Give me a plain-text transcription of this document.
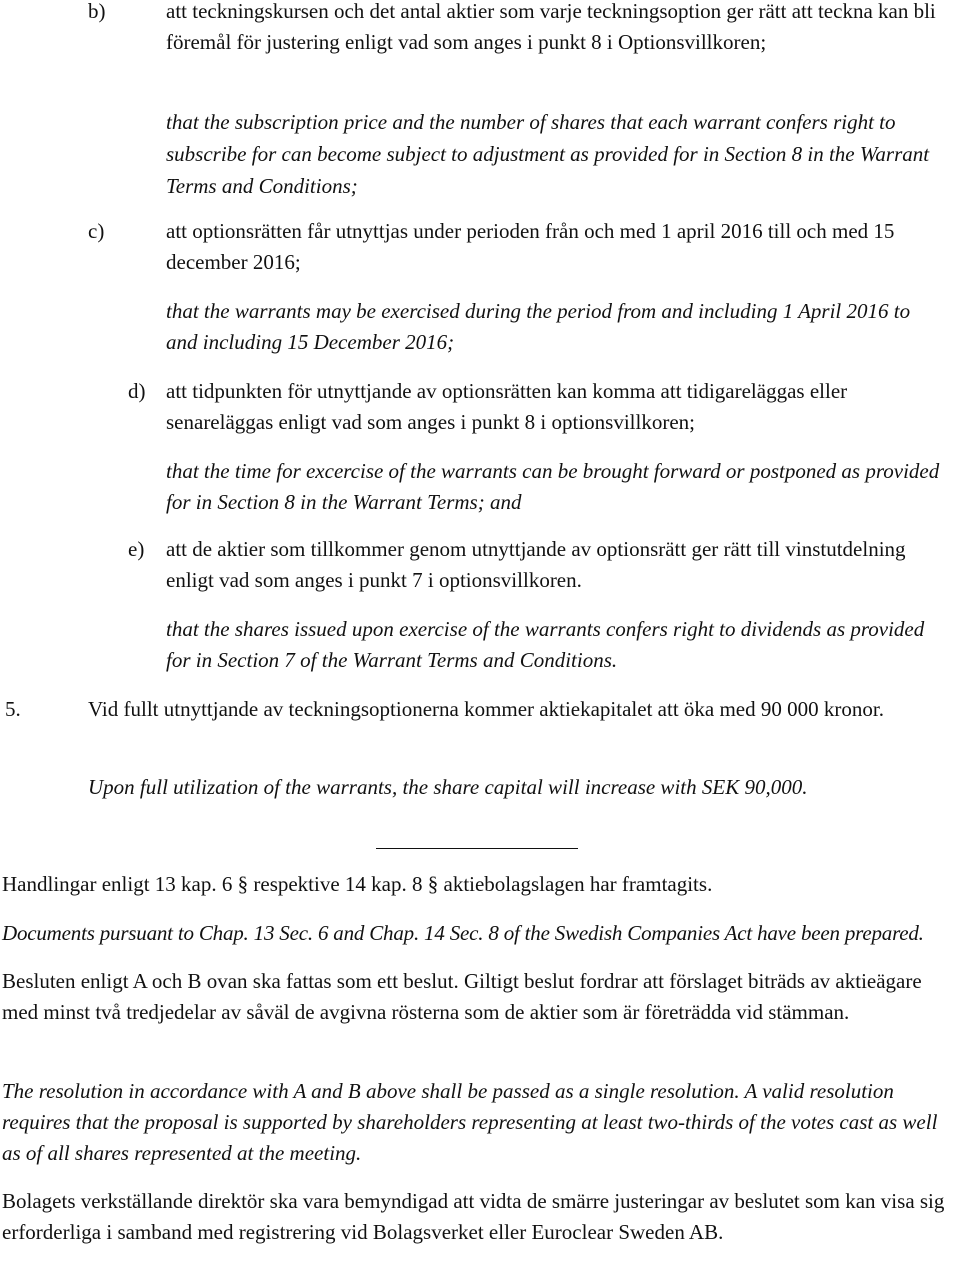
b)	att teckningskursen och det antal aktier som varje teckningsoption ger rätt att teckna kan bli föremål för justering enligt vad som anges i punkt 8 i Optionsvillkoren;

that the subscription price and the number of shares that each warrant confers right to subscribe for can become subject to adjustment as provided for in Section 8 in the Warrant Terms and Conditions;

c)	att optionsrätten får utnyttjas under perioden från och med 1 april 2016 till och med 15 december 2016;

that the warrants may be exercised during the period from and including 1 April 2016 to and including 15 December 2016;

d) att tidpunkten för utnyttjande av optionsrätten kan komma att tidigareläggas eller senareläggas enligt vad som anges i punkt 8 i optionsvillkoren;

that the time for excercise of the warrants can be brought forward or postponed as provided for in Section 8 in the Warrant Terms; and

e) att de aktier som tillkommer genom utnyttjande av optionsrätt ger rätt till vinstutdelning enligt vad som anges i punkt 7 i optionsvillkoren.

that the shares issued upon exercise of the warrants confers right to dividends as provided for in Section 7 of the Warrant Terms and Conditions.

5.	Vid fullt utnyttjande av teckningsoptionerna kommer aktiekapitalet att öka med 90 000 kronor.

Upon full utilization of the warrants, the share capital will increase with SEK 90,000.

Handlingar enligt 13 kap. 6 § respektive 14 kap. 8 § aktiebolagslagen har framtagits.

Documents pursuant to Chap. 13 Sec. 6 and Chap. 14 Sec. 8 of the Swedish Companies Act have been prepared.

Besluten enligt A och B ovan ska fattas som ett beslut. Giltigt beslut fordrar att förslaget biträds av aktieägare med minst två tredjedelar av såväl de avgivna rösterna som de aktier som är företrädda vid stämman.

The resolution in accordance with A and B above shall be passed as a single resolution. A valid resolution requires that the proposal is supported by shareholders representing at least two-thirds of the votes cast as well as of all shares represented at the meeting.

Bolagets verkställande direktör ska vara bemyndigad att vidta de smärre justeringar av beslutet som kan visa sig erforderliga i samband med registrering vid Bolagsverket eller Euroclear Sweden AB.
